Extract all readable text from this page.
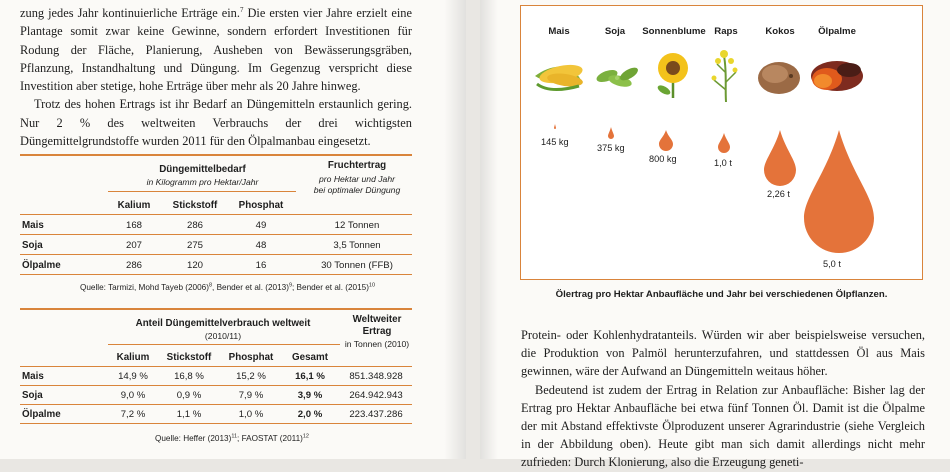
zung jedes Jahr kontinuierliche Erträge ein.$^7$ Die ersten vier Jahre erzielt eine Plantage somit zwar keine Gewinne, sondern erfordert Investitionen für Rodung der Fläche, Planierung, Ausheben von Bewässerungsgräben, Pflanzung, Instandhaltung und Düngung. Im Gegenzug verspricht diese Investition aber stetige, hohe Erträge über mehr als 20 Jahre hinweg.

Trotz des hohen Ertrags ist ihr Bedarf an Düngemitteln erstaunlich gering. Nur 2 % des weltweiten Verbrauchs der drei wichtigsten Düngemittelgrundstoffe wurden 2011 für den Ölpalmanbau eingesetzt.

Düngemittelbedarf
in Kilogramm pro Hektar/Jahr
Fruchtertrag
pro Hektar und Jahr
bei optimaler Düngung
Kalium	Stickstoff	Phosphat
Mais	168	286	49	12 Tonnen
Soja	207	275	48	3,5 Tonnen
Ölpalme	286	120	16	30 Tonnen (FFB)
Quelle: Tarmizi, Mohd Tayeb $(2006)^8$, Bender et al. $(2013)^9$; Bender et al. $(2015)^{10}$
Anteil Düngemittelverbrauch weltweit
(2010/11)
Weltweiter
Ertrag
in Tonnen (2010)
Kalium	Stickstoff	Phosphat	Gesamt
Mais	14,9 %	16,8 %	15,2 %	16,1 %	851.348.928
Soja	9,0 %	0,9 %	7,9 %	3,9 %	264.942.943
Ölpalme	7,2 %	1,1 %	1,0 %	2,0 %	223.437.286
Quelle: Heffer $(2013)^{11}$; FAOSTAT $(2011)^{12}$
Mais	Soja	Sonnenblume Raps	Kokos	Ölpalme
145 kg
375 kg
800 kg	1,0 t
2,26 t
5,0 t
Ölertrag pro Hektar Anbaufläche und Jahr bei verschiedenen Ölpflanzen.

Protein- oder Kohlenhydratanteils. Würden wir aber beispielsweise versuchen, die Produktion von Palmöl herunterzufahren, und stattdessen Öl aus Mais gewinnen, wäre der Aufwand an Düngemitteln weitaus höher.

Bedeutend ist zudem der Ertrag in Relation zur Anbaufläche: Bisher lag der Ertrag pro Hektar Anbaufläche bei etwa fünf Tonnen Öl. Damit ist die Ölpalme der mit Abstand effektivste Ölproduzent unserer Agrarindustrie (siehe Vergleich in der Abbildung oben). Heute gibt man sich damit allerdings nicht mehr zufrieden: Durch Klonierung, also die Erzeugung geneti-
